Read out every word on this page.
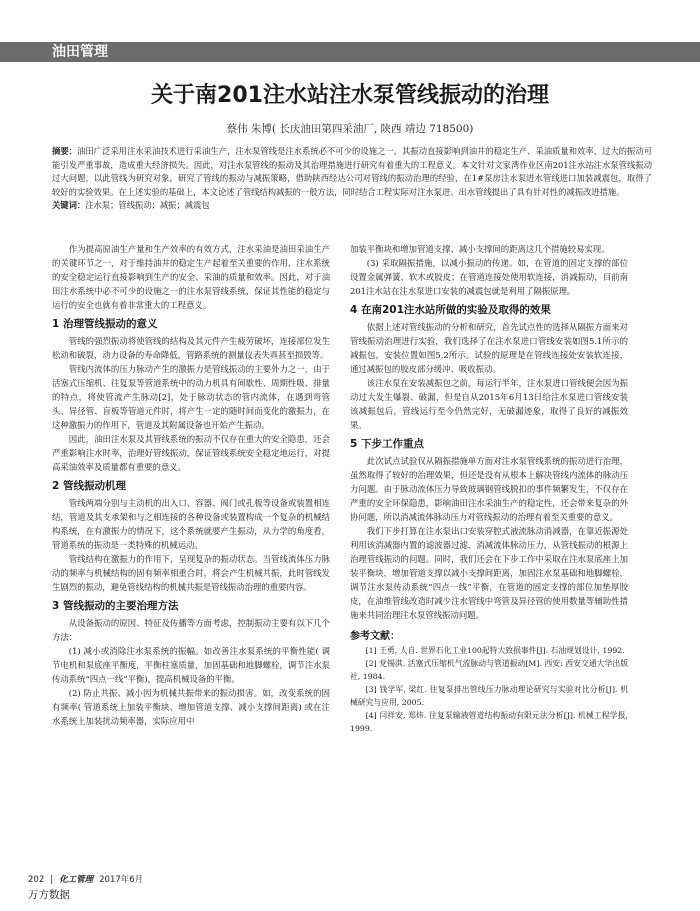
油田管理
关于南201注水站注水泵管线振动的治理
蔡伟 朱博( 长庆油田第四采油厂, 陕西 靖边 718500)
摘要：油田广泛采用注水采油技术进行采油生产，注水泵管线是注水系统必不可少的设施之一，其振动直接影响到油井的稳定生产、采油质量和效率，过大的振动可能引发严重事故，造成重大经济损失。因此，对注水泵管线的振动及其治理措施进行研究有着重大的工程意义。本文针对文家湾作业区南201注水站注水泵管线振动过大问题，以此管线为研究对象，研究了管线的振动与减振策略，借助陕西经达公司对管线的振动治理的经验，在1#泵房注水泵进水管线进口加装减震包，取得了较好的实验效果。在上述实验的基础上，本文论述了管线结构减振的一般方法，同时结合工程实际对注水泵进、出水管线提出了具有针对性的减振改进措施。
关键词：注水泵；管线振动；减振；减震包

作为提高原油生产量和生产效率的有效方式，注水采油是油田采油生产的关键环节之一，对于维持油井的稳定生产起着至关重要的作用，注水系统的安全稳定运行直接影响到生产的安全、采油的质量和效率。因此，对于油田注水系统中必不可少的设施之一的注水泵管线系统，保证其性能的稳定与运行的安全也就有着非常重大的工程意义。

1 治理管线振动的意义

管线的强烈振动将使管线的结构及其元件产生疲劳破坏，连接部位发生松动和破裂，动力设备的寿命降低，管路系统的测量仪表失真甚至损毁等。

管线内流体的压力脉动产生的激振力是管线振动的主要外力之一，由于活塞式压缩机、往复泵等管道系统中的动力机具有间歇性、周期性吸、排量的特点，将使管流产生脉动[2]，处于脉动状态的管内流体，在遇到弯管头、异径管、盲板等管道元件时，将产生一定的随时间而变化的激振力，在这种激振力的作用下，管道及其附属设备也开始产生振动。

因此，油田注水泵及其管线系统的振动不仅存在重大的安全隐患，还会严重影响注水时率，治理好管线振动，保证管线系统安全稳定地运行，对提高采油效率及质量都有重要的意义。

2 管线振动机理

管线两端分别与主动机的出入口、容器、阀门或孔板等设备或装置相连结，管道及其支承架和与之相连接的各种设备或装置构成一个复杂的机械结构系统，在有激振力的情况下，这个系统就要产生振动，从力学的角度看，管道系统的振动是一类特殊的机械运动。

管线结构在激振力的作用下，呈现复杂的振动状态。当管线流体压力脉动的频率与机械结构的固有频率相重合时，将会产生机械共振，此时管线发生剧烈的振动，避免管线结构的机械共振是管线振动治理的重要内容。

3 管线振动的主要治理方法

从设备振动的原因、特征及传播等方面考虑，控制振动主要有以下几个方法：

(1) 减小或消除注水泵系统的振幅。如改善注水泵系统的平衡性能( 调节电机和泵底座平衡度，平衡柱塞质量，加固基础和地脚螺栓，调节注水泵传动系统“四点一线”平衡)，提高机械设备的平衡。

(2) 防止共振、减小因为机械共振带来的振动损害。如，改变系统的固有频率( 管道系统上加装平衡块、增加管道支撑、减小支撑间距离) 或在注水系统上加装扰动频率器，实际应用中

加装平衡块和增加管道支撑、减小支撑间的距离这几个措施较易实现。

(3) 采取隔振措施，以减小振动的传递。如，在管道的固定支撑的部位设置金属弹簧、软木或胶皮；在管道连接处使用软连接，消减振动，目前南201注水站在注水泵进口安装的减震包就是利用了隔振原理。

4 在南201注水站所做的实验及取得的效果

依据上述对管线振动的分析和研究，首先试点性的选择从隔振方面来对管线振动治理进行实验，我们选择了在注水泵进口管线安装如图5.1所示的减振包，安装位置如图5.2所示。试验的原理是在管线连接处安装软连接，通过减振包的胶皮部分缓冲、吸收振动。

该注水泵在安装减振包之前，每运行半年，注水泵进口管线便会因为振动过大发生爆裂、破漏，但是自从2015年6月13日给注水泵进口管线安装该减振包后，管线运行至今仍然完好，无破漏迹象，取得了良好的减振效果。

5 下步工作重点

此次试点试验仅从隔振措施单方面对注水泵管线系统的振动进行治理，虽然取得了较好的治理效果，但还是没有从根本上解决管线内流体的脉动压力问题。由于脉动流体压力导致玻璃钢管线脱扣的事件频繁发生，不仅存在严重的安全环保隐患，影响油田注水采油生产的稳定性，还会带来复杂的外协问题，所以消减流体脉动压力对管线振动的治理有着至关重要的意义。

我们下步打算在注水泵出口安装穿腔式液流脉动消减器，在靠近振源处利用该消减器内置的滤波器过滤、消减流体脉动压力，从管线振动的根源上治理管线振动的问题。同时，我们还会在下步工作中采取在注水泵底座上加装平衡块，增加管道支撑以减小支撑间距离，加固注水泵基础和地脚螺栓，调节注水泵传动系统“四点一线”平衡，在管道的固定支撑的部位加垫厚胶皮，在油维管线改造时减少注水管线中弯管及异径管的使用数量等辅助性措施来共同治理注水泵管线振动问题。

参考文献：

[1] 王勇, 人自. 世界石化工业100起特大致损事件[J]. 石油规划设计, 1992.

[2] 党锡淇. 活塞式压缩机气流脉动与管道振动[M]. 西安: 西安交通大学出版社, 1984.

[3] 钱学军, 梁红. 往复泵排出管线压力脉动理论研究与实验对比分析[J]. 机械研究与应用, 2005.

[4] 闫祥安, 郑炜. 往复泵输液管道结构振动有限元法分析[J]. 机械工程学报, 1999.

202 | 化工管理 2017年6月
万方数据
